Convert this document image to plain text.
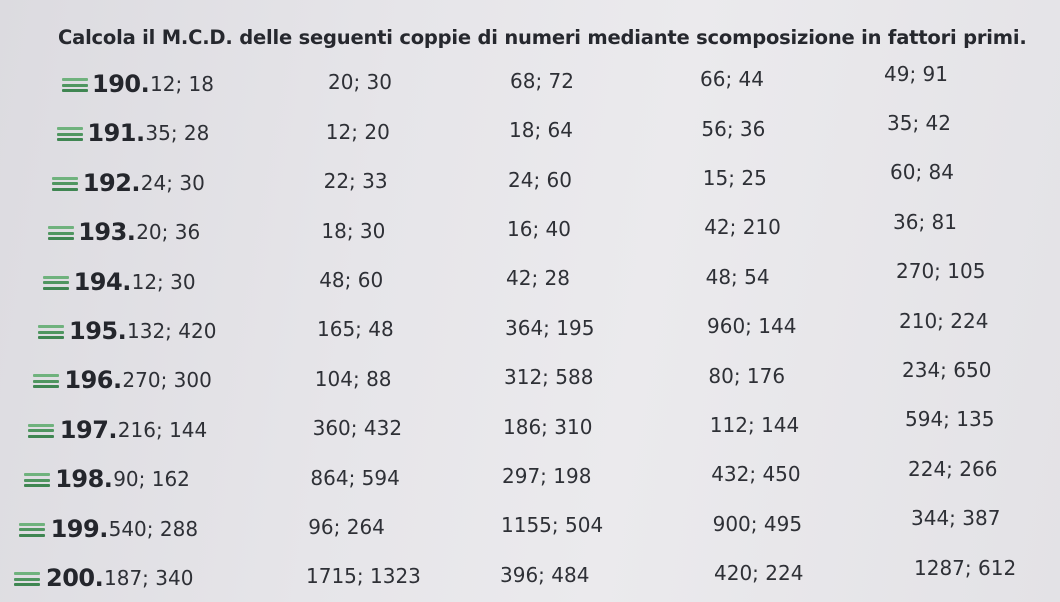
Calcola il M.C.D. delle seguenti coppie di numeri mediante scomposizione in fattori primi.
190. 12; 18	20; 30	68; 72	66; 44	49; 91
191. 35; 28	12; 20	18; 64	56; 36	35; 42
192. 24; 30	22; 33	24; 60	15; 25	60; 84
193. 20; 36	18; 30	16; 40	42; 210	36; 81
194. 12; 30	48; 60	42; 28	48; 54	270; 105
195. 132; 420	165; 48	364; 195	960; 144	210; 224
196. 270; 300	104; 88	312; 588	80; 176	234; 650
197. 216; 144	360; 432	186; 310	112; 144	594; 135
198. 90; 162	864; 594	297; 198	432; 450	224; 266
199. 540; 288	96; 264	1155; 504	900; 495	344; 387
200. 187; 340	1715; 1323	396; 484	420; 224	1287; 612
